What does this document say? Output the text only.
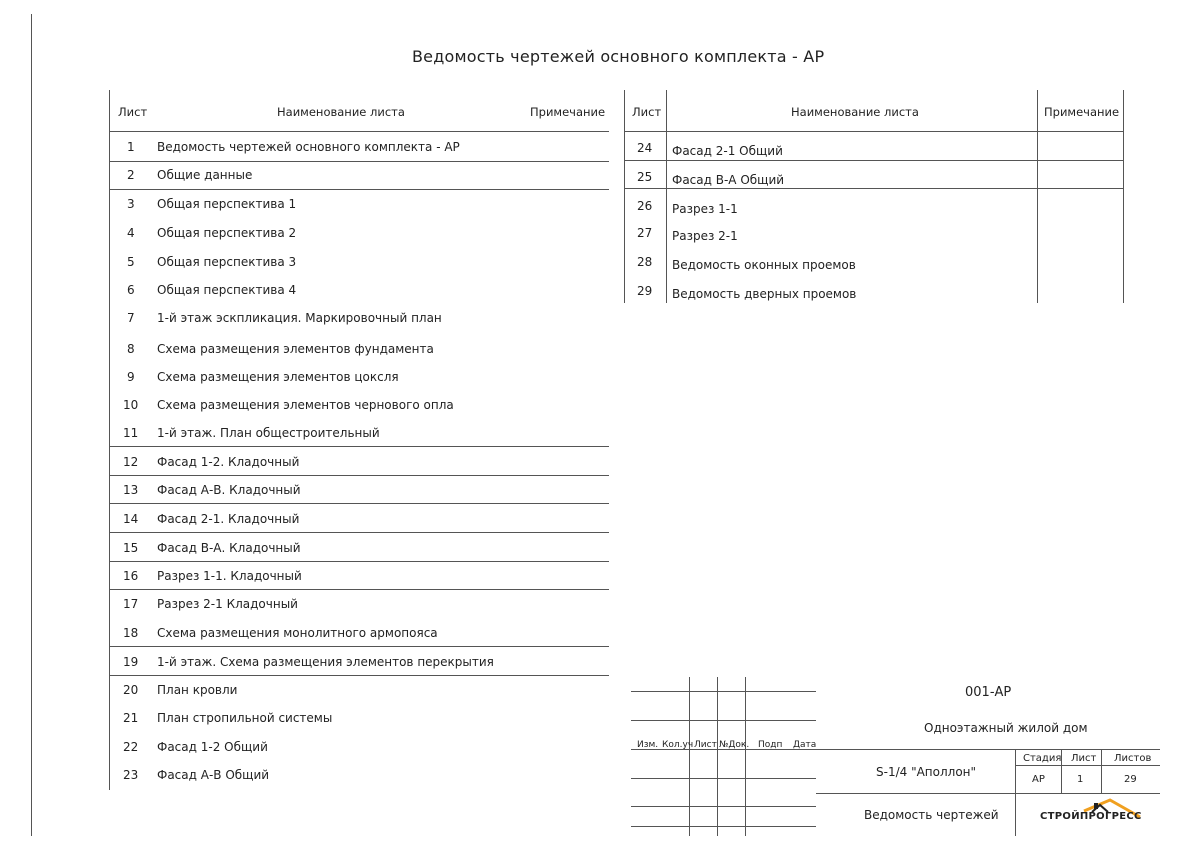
Ведомость чертежей основного комплекта - АР
Лист	Наименование листа	Примечание
1 Ведомость чертежей основного комплекта - АР
2 Общие данные
3 Общая перспектива 1
4 Общая перспектива 2
5 Общая перспектива 3
6 Общая перспектива 4
7 1-й этаж эскпликация. Маркировочный план
8 Схема размещения элементов фундамента
9 Схема размещения элементов цоксля
10 Схема размещения элементов чернового опла
11 1-й этаж. План общестроительный
12 Фасад 1-2. Кладочный
13 Фасад А-В. Кладочный
14 Фасад 2-1. Кладочный
15 Фасад В-А. Кладочный
16 Разрез 1-1. Кладочный
17 Разрез 2-1 Кладочный
18 Схема размещения монолитного армопояса
19 1-й этаж. Схема размещения элементов перекрытия
20 План кровли
21 План стропильной системы
22 Фасад 1-2 Общий
23 Фасад А-В Общий
Лист	Наименование листа	Примечание
24 Фасад 2-1 Общий
25 Фасад В-А Общий
26 Разрез 1-1
27 Разрез 2-1
28 Ведомость оконных проемов
29 Ведомость дверных проемов
Изм. Кол.уч Лист №Док. Подп Дата
001-АР
Одноэтажный жилой дом
S-1/4 "Аполлон"
Ведомость чертежей
Стадия Лист Листов
АР	1	29
СТРОЙПРОГРЕСС
